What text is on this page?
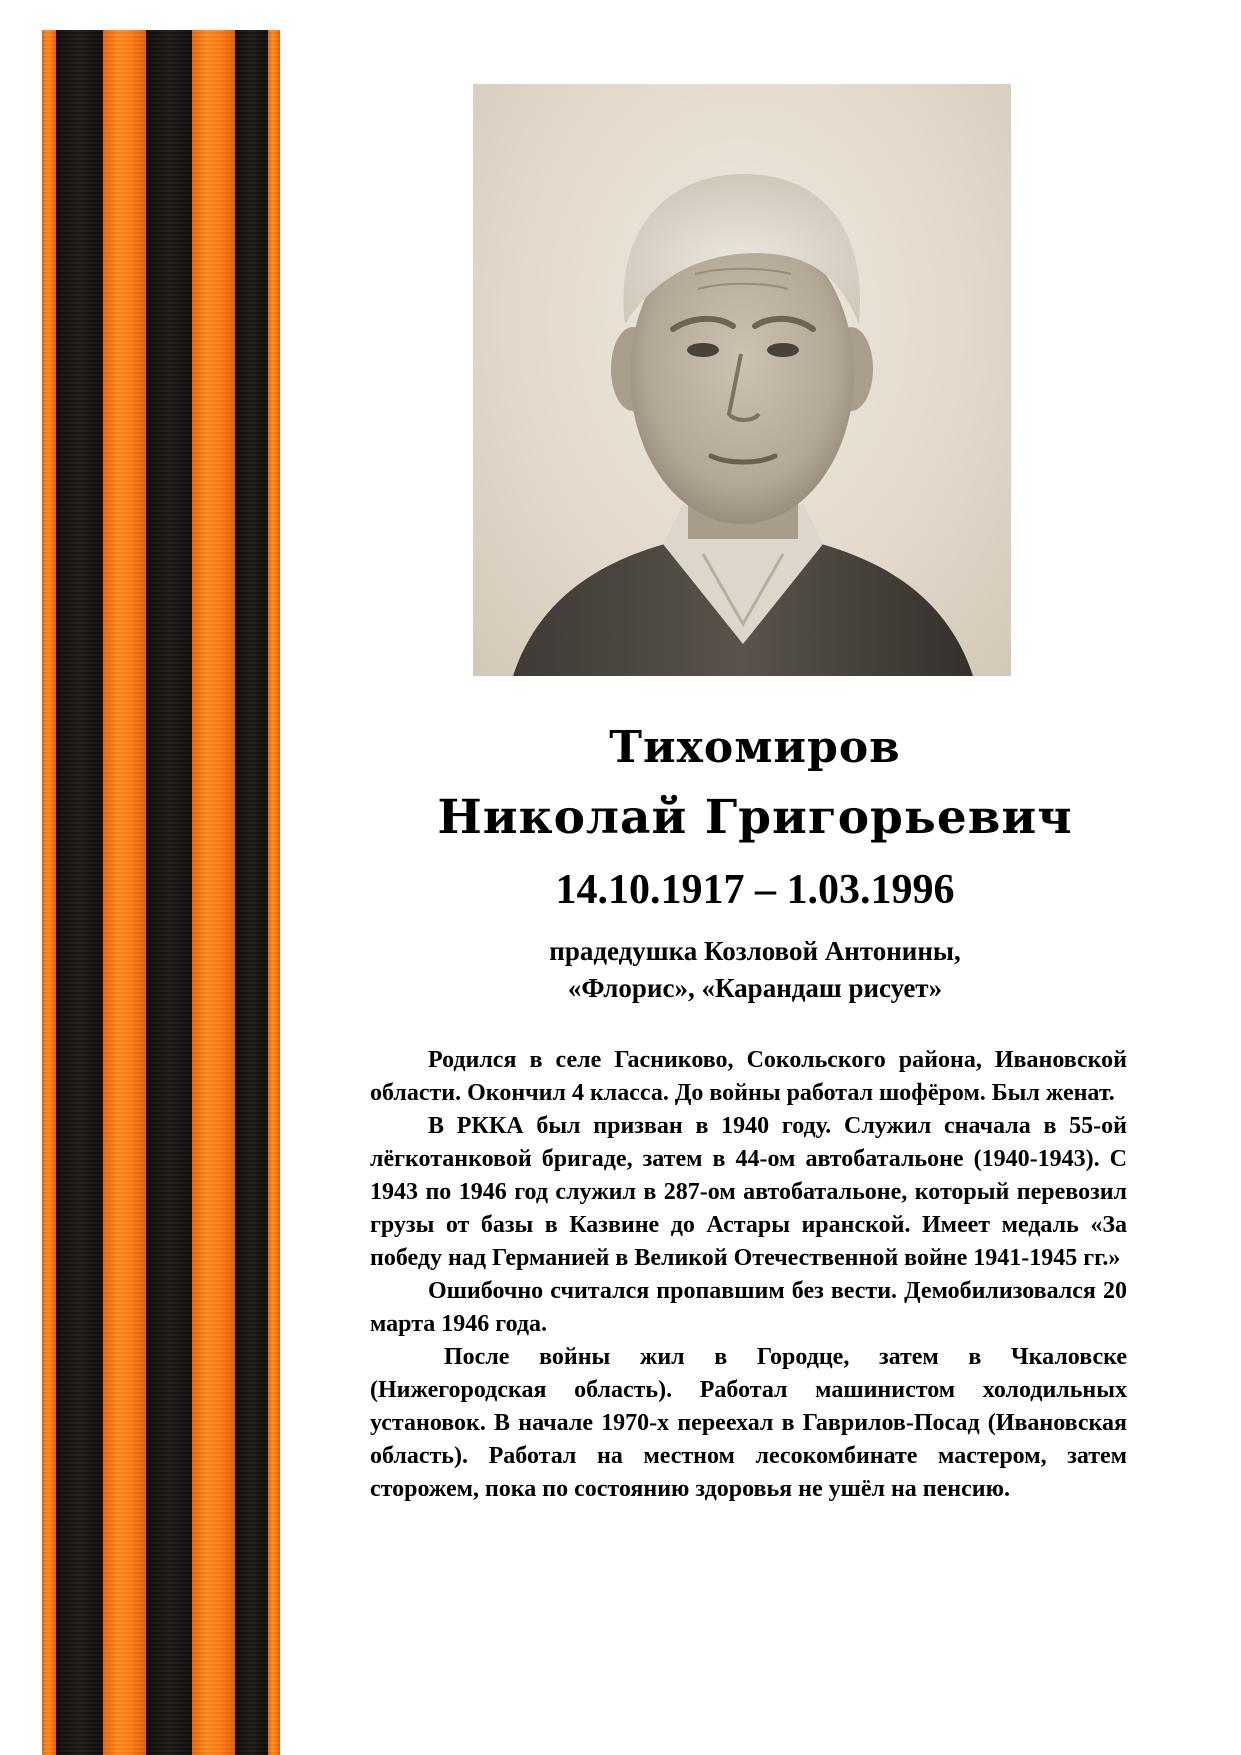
Тихомиров
Николай Григорьевич
14.10.1917 – 1.03.1996
прадедушка Козловой Антонины,
«Флорис», «Карандаш рисует»

Родился в селе Гасниково, Сокольского района, Ивановской области. Окончил 4 класса. До войны работал шофёром. Был женат.

В РККА был призван в 1940 году. Служил сначала в 55-ой лёгкотанковой бригаде, затем в 44-ом автобатальоне (1940-1943). С 1943 по 1946 год служил в 287-ом автобатальоне, который перевозил грузы от базы в Казвине до Астары иранской. Имеет медаль «За победу над Германией в Великой Отечественной войне 1941-1945 гг.»

Ошибочно считался пропавшим без вести. Демобилизовался 20 марта 1946 года.

После войны жил в Городце, затем в Чкаловске (Нижегородская область). Работал машинистом холодильных установок. В начале 1970-х переехал в Гаврилов-Посад (Ивановская область). Работал на местном лесокомбинате мастером, затем сторожем, пока по состоянию здоровья не ушёл на пенсию.
